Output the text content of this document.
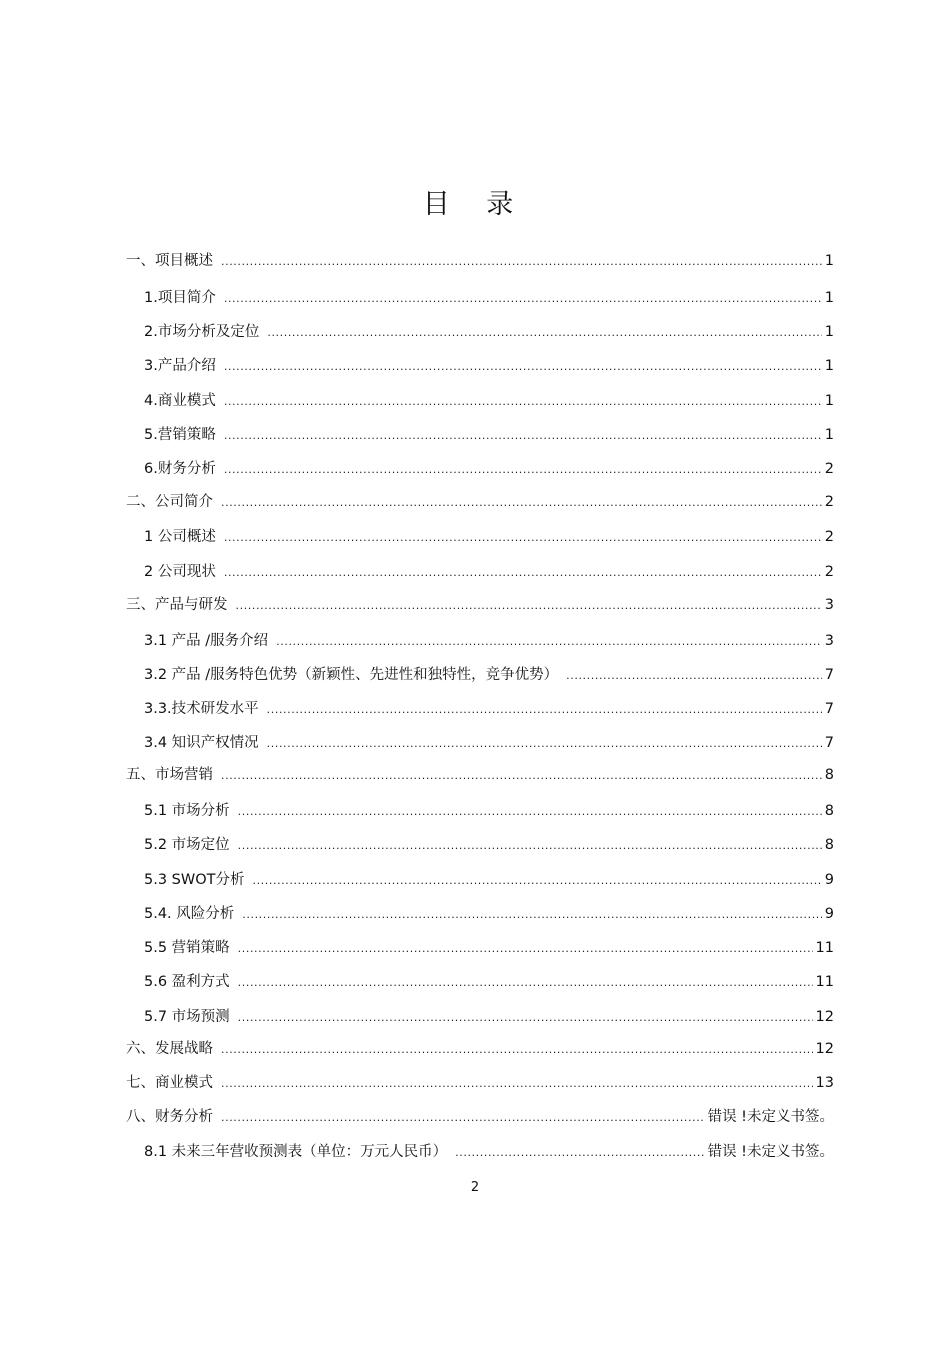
目 录
一、项目概述 .....	1
1.项目简介 .....	1
2.市场分析及定位 .....	1
3.产品介绍 .....	1
4.商业模式 .....	1
5.营销策略 .....	1
6.财务分析 .....	2
二、公司简介 .....	2
1 公司概述 .....	2
2 公司现状 .....	2
三、产品与研发 .....	3
3.1 产品 /服务介绍 .....	3
3.2 产品 /服务特色优势（新颖性、先进性和独特性，竞争优势） .....	7
3.3.技术研发水平 .....	7
3.4 知识产权情况 .....	7
五、市场营销 .....	8
5.1 市场分析 .....	8
5.2 市场定位 .....	8
5.3 SWOT分析 .....	9
5.4. 风险分析 .....	9
5.5 营销策略 .....	11
5.6 盈利方式 .....	11
5.7 市场预测 .....	12
六、发展战略 .....	12
七、商业模式 .....	13
八、财务分析 .....	错误 !未定义书签。
8.1 未来三年营收预测表（单位：万元人民币） .....	错误 !未定义书签。
2
